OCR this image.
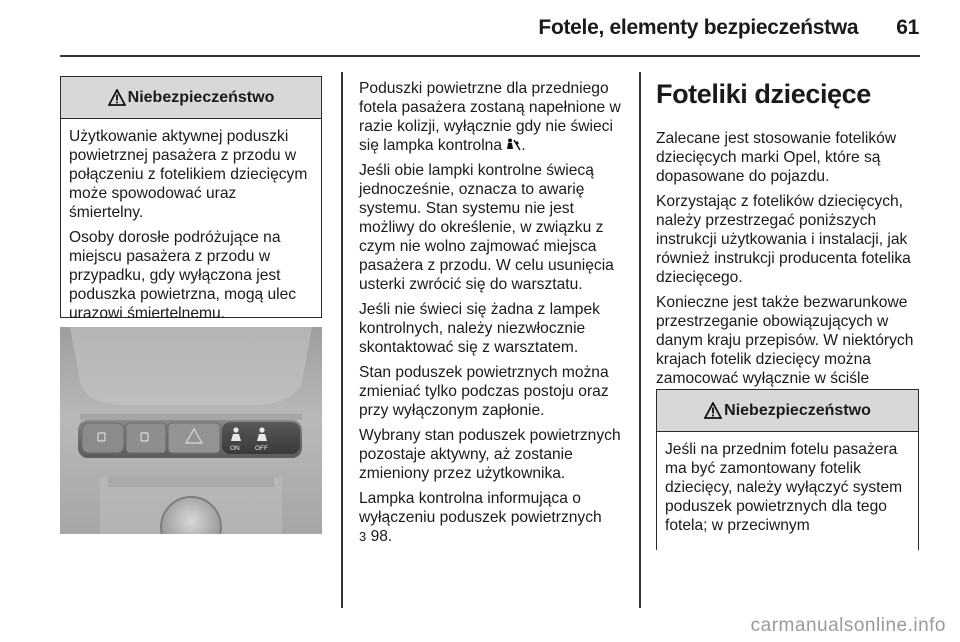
Fotele, elementy bezpieczeństwa 61
Niebezpieczeństwo

Użytkowanie aktywnej poduszki powietrznej pasażera z przodu w połączeniu z fotelikiem dziecięcym może spowodować uraz śmiertelny.

Osoby dorosłe podróżujące na miejscu pasażera z przodu w przypadku, gdy wyłączona jest poduszka powietrzna, mogą ulec urazowi śmiertelnemu.

ON OFF

Poduszki powietrzne dla przedniego fotela pasażera zostaną napełnione w razie kolizji, wyłącznie gdy nie świeci się lampka kontrolna .

Jeśli obie lampki kontrolne świecą jednocześnie, oznacza to awarię systemu. Stan systemu nie jest możliwy do określenie, w związku z czym nie wolno zajmować miejsca pasażera z przodu. W celu usunięcia usterki zwrócić się do warsztatu.

Jeśli nie świeci się żadna z lampek kontrolnych, należy niezwłocznie skontaktować się z warsztatem.

Stan poduszek powietrznych można zmieniać tylko podczas postoju oraz przy wyłączonym zapłonie.

Wybrany stan poduszek powietrznych pozostaje aktywny, aż zostanie zmieniony przez użytkownika.

Lampka kontrolna informująca o wyłączeniu poduszek powietrznych
3 98.

Foteliki dziecięce

Zalecane jest stosowanie fotelików dziecięcych marki Opel, które są dopasowane do pojazdu.

Korzystając z fotelików dziecięcych, należy przestrzegać poniższych instrukcji użytkowania i instalacji, jak również instrukcji producenta fotelika dziecięcego.

Konieczne jest także bezwarunkowe przestrzeganie obowiązujących w danym kraju przepisów. W niektórych krajach fotelik dziecięcy można zamocować wyłącznie w ściśle

Niebezpieczeństwo

Jeśli na przednim fotelu pasażera ma być zamontowany fotelik dziecięcy, należy wyłączyć system poduszek powietrznych dla tego fotela; w przeciwnym

carmanualsonline.info
